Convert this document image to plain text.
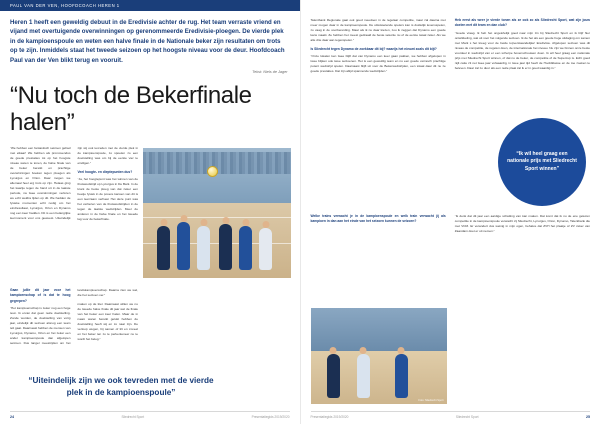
PAUL VAN DER VEN, HOOFDCOACH HEREN 1
Heren 1 heeft een geweldig debuut in de Eredivisie achter de rug. Het team verraste vriend en vijand met overtuigende overwinningen op gerenommeerde Eredivisie-ploegen. De vierde plek in de kampioenspoule en weten een halve finale in de Nationale beker zijn resultaten om trots op te zijn. Inmiddels staat het tweede seizoen op het hoogste niveau voor de deur. Hoofdcoach Paul van der Ven blikt terug en vooruit.
Tekst: Niels de Jager
“Nu toch de Bekerfinale halen”

“We hebben een fantastisch seizoen gehad met elkaar! We hebben als promovendus de goede prestaties tot op het hoogste niveau weten te tonen, de halve finale van de beker bereikt en prachtige overwinningen boeken tegen ploegen als Lycurgus en Orion. Daar mogen we allemaal heel erg trots op zijn. Helaas ging het kaartje tegen de hand uit in de laatste periode, na twee overwinningen verloren we echt weldra lijden op dit. We hadden de fysieke momenten echt nodig om het eindresultaat, Lycurgus, Orion en Dynamo nog een keer hadden. Dit is een belangrijke leermoment voor ons geweest. Uiteindelijk zijn wij ook tevreden met de vierde plek in de kampioenspoule, zo spoelen zo een doelstelling was om bij de eerste vier te eindigen.”

Veel hoogte- en dieptepunten dus?

“Ja, het hoogtepunt was het winnen van de thuiswedstrijd op Lycurgus in De Bark. In de krant de beste ploeg van dat zeker een beetje fysiek in de povere kansen van dit is een leerzaam verhaal. Het deze punt was het verliezen van de thuiswedstrijden in de tegen de laatste wedstrijden. Meer de anderen in de halve finale en het tweede lag voor de bekerfinale.

Gaan jullie dit jaar voor het kampioenschap of is dat te hoog gegrepen?

“Het kampioenschap is zeker nog een hoge teun. Ik ervan dat geen reële doelstelling. Zonde worden, de doelstelling van vorig jaar, eindelijk dit seizoen alsnog een team telt gaat. Daarnaast hebben de mensen van Lycurgus, Dynamo, Orion en het zeker een ander kampioenspoule dan afgelopen seizoen. Dus langer meestrijden om het landskampioenschap. Daarna zien we wel, die het seizoen ver.”

maken op de titel. Daarnaast willen we nu de tweede halve finale dit jaar wel de finale van het beker een keer halen. Maar de in naam waren bereikt gelukt hebben de doelstelling heeft wij en zo naar zijn. De verloop wegen, bij samen of tilt en zoveel en het beker ten zo te perkenteneer nu te wordt het beleg.”

“Uiteindelijk zijn we ook tevreden met de vierde plek in de kampioenspoule”
24	Sliedrecht Sport	Presentatiegids 2019/2020

Talentbank Regionale gaat ook goed meedoen in de regelaar competitie, maar zal daarna met meer mogen daar in de kampioenspoule. De uitwisselende spelers kan is duidelijk levensspelen, zo vaag in de voorbereiding. Maar als ik nu daar kiezen, zou ik zeggen dat Dynamo een goede kans maakt. Ze hebben het meest gedraaid de beste selectie nu of de eerste twaal zeker. Als we alle drie daar aan tegenspelen.”

Is Sliedrecht tegen Dynamo de zoekbaar dit bij? waarijs het nieuwt zoals dit bijt?

“Onze lokalen ken twee blijft dat van Dynamo een keer gaan pakken, we hebben afgelopen in twee blijken ook twee seizoenen. Het is een geweldig team en nu een goede verrasch prachtige potent wedstrijd spelen. Daarnaast blijft uit voor de Bekerwedstrijden, een totaal daar dit nu ze goede prestaties. Dat zijn altijd spannende wedstrijden.”

Heb eerst als weer je vierde tonen als ze ook zo als Sliedrecht Sport, wat zijn jouw doelen met dit team en dan club?

“Goede vraag. Ik heb het ongelofelijk goed naar mijn zin bij Sliedrecht Sport en ik blijf hier ontwikkeling, wat uit voor het volgende seizoen. Ik de het als een goede hoge uitdaging om samen met Mark s het kreeg voor de beide topverstaandelijke! Eredivisie. Afgelopen seizoen was dit niveau de competitie, de regelen doen, de internationale het niveau. Nu zijn we binnen onze beste voordeel in wedstrijd van er een scherpe bovenschouwen doen. Ik wil heel graag een nationale prijs met Sliedrecht Sport winnen, of dat nu de beker, de competitie of de Supercup is. Echt goed nijlt catie zit net twee jaar volwaardig, in twee jaar tijd heeft de Hoofdklasse en de toe zoeken te beleven. Daar zal zo duur als een reële plaat zal ik er in goed waardig in.”

“Ik wil heel graag een nationale prijs met Sliedrecht Sport winnen”
Welke trains verwacht je in de kampioenspoule en welk train verwacht jij als kampioen in dan aan het einde van het seizoen kunnen de seizoen?

“Ik denk dat dit jaar een aardige schatting van kan maken. Dat komt dat ik nu de ene gelezen competitie in de kampioenspoule verwacht zij Sliedrecht, Lycurgus, Orion, Dynamo, Talentbank die met VCM. Er verandert dus weinig in mijn ogen, behalve dat ZVH het plaatje of ZV zeker van Zaandam doet er uit nemen.”

Foto: Sliedrecht Sport
Presentatiegids 2019/2020	Sliedrecht Sport	25
